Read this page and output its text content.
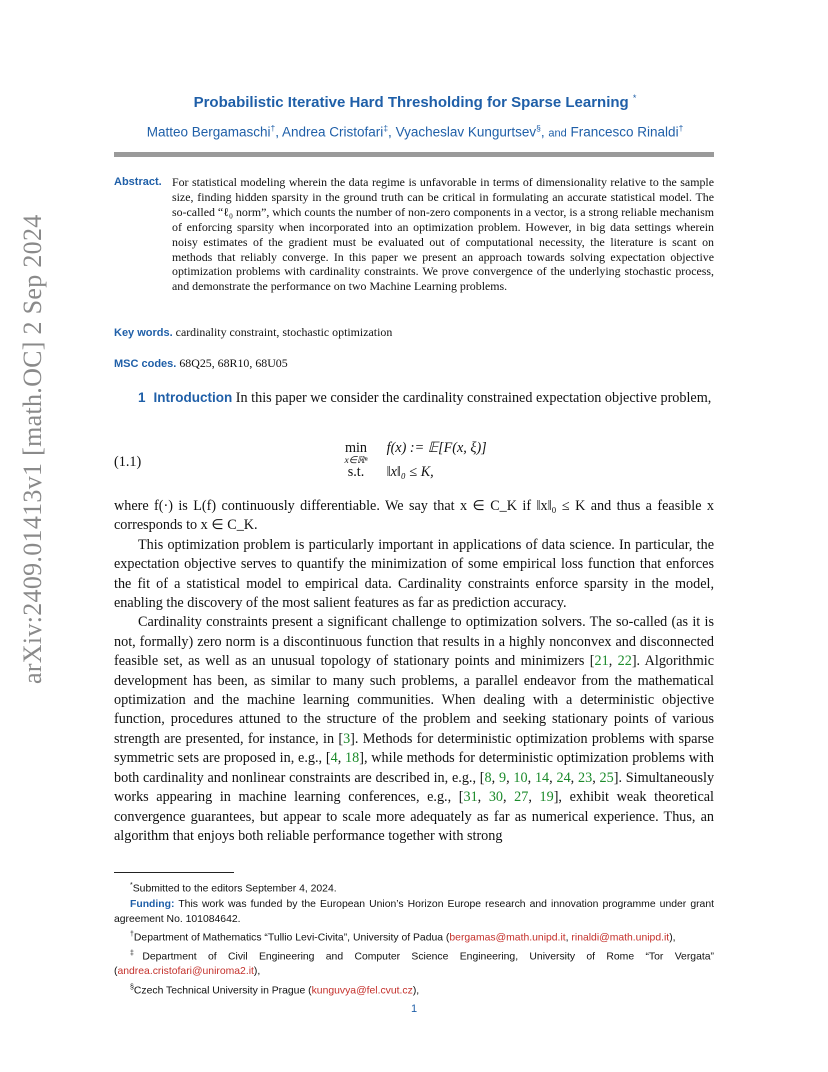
arXiv:2409.01413v1 [math.OC] 2 Sep 2024
Probabilistic Iterative Hard Thresholding for Sparse Learning *
Matteo Bergamaschi†, Andrea Cristofari‡, Vyacheslav Kungurtsev§, and Francesco Rinaldi†
Abstract. For statistical modeling wherein the data regime is unfavorable in terms of dimensionality relative to the sample size, finding hidden sparsity in the ground truth can be critical in formulating an accurate statistical model. The so-called “ℓ₀ norm”, which counts the number of non-zero components in a vector, is a strong reliable mechanism of enforcing sparsity when incorporated into an optimization problem. However, in big data settings wherein noisy estimates of the gradient must be evaluated out of computational necessity, the literature is scant on methods that reliably converge. In this paper we present an approach towards solving expectation objective optimization problems with cardinality constraints. We prove convergence of the underlying stochastic process, and demonstrate the performance on two Machine Learning problems.
Key words. cardinality constraint, stochastic optimization
MSC codes. 68Q25, 68R10, 68U05

1 Introduction In this paper we consider the cardinality constrained expectation objective problem,

(1.1)
min
x∈ℝⁿ
f(x) := 𝔼[F(x, ξ)]
s.t. ‖x‖₀ ≤ K,

where f(·) is L(f) continuously differentiable. We say that x ∈ C_K if ‖x‖₀ ≤ K and thus a feasible x corresponds to x ∈ C_K.

This optimization problem is particularly important in applications of data science. In particular, the expectation objective serves to quantify the minimization of some empirical loss function that enforces the fit of a statistical model to empirical data. Cardinality constraints enforce sparsity in the model, enabling the discovery of the most salient features as far as prediction accuracy.

Cardinality constraints present a significant challenge to optimization solvers. The so-called (as it is not, formally) zero norm is a discontinuous function that results in a highly nonconvex and disconnected feasible set, as well as an unusual topology of stationary points and minimizers [21, 22]. Algorithmic development has been, as similar to many such problems, a parallel endeavor from the mathematical optimization and the machine learning communities. When dealing with a deterministic objective function, procedures attuned to the structure of the problem and seeking stationary points of various strength are presented, for instance, in [3]. Methods for deterministic optimization problems with sparse symmetric sets are proposed in, e.g., [4, 18], while methods for deterministic optimization problems with both cardinality and nonlinear constraints are described in, e.g., [8, 9, 10, 14, 24, 23, 25]. Simultaneously works appearing in machine learning conferences, e.g., [31, 30, 27, 19], exhibit weak theoretical convergence guarantees, but appear to scale more adequately as far as numerical experience. Thus, an algorithm that enjoys both reliable performance together with strong

*Submitted to the editors September 4, 2024.

Funding: This work was funded by the European Union’s Horizon Europe research and innovation programme under grant agreement No. 101084642.

†Department of Mathematics “Tullio Levi-Civita”, University of Padua (bergamas@math.unipd.it, rinaldi@math.unipd.it),

‡Department of Civil Engineering and Computer Science Engineering, University of Rome “Tor Vergata” (andrea.cristofari@uniroma2.it),

§Czech Technical University in Prague (kunguvya@fel.cvut.cz),

1
